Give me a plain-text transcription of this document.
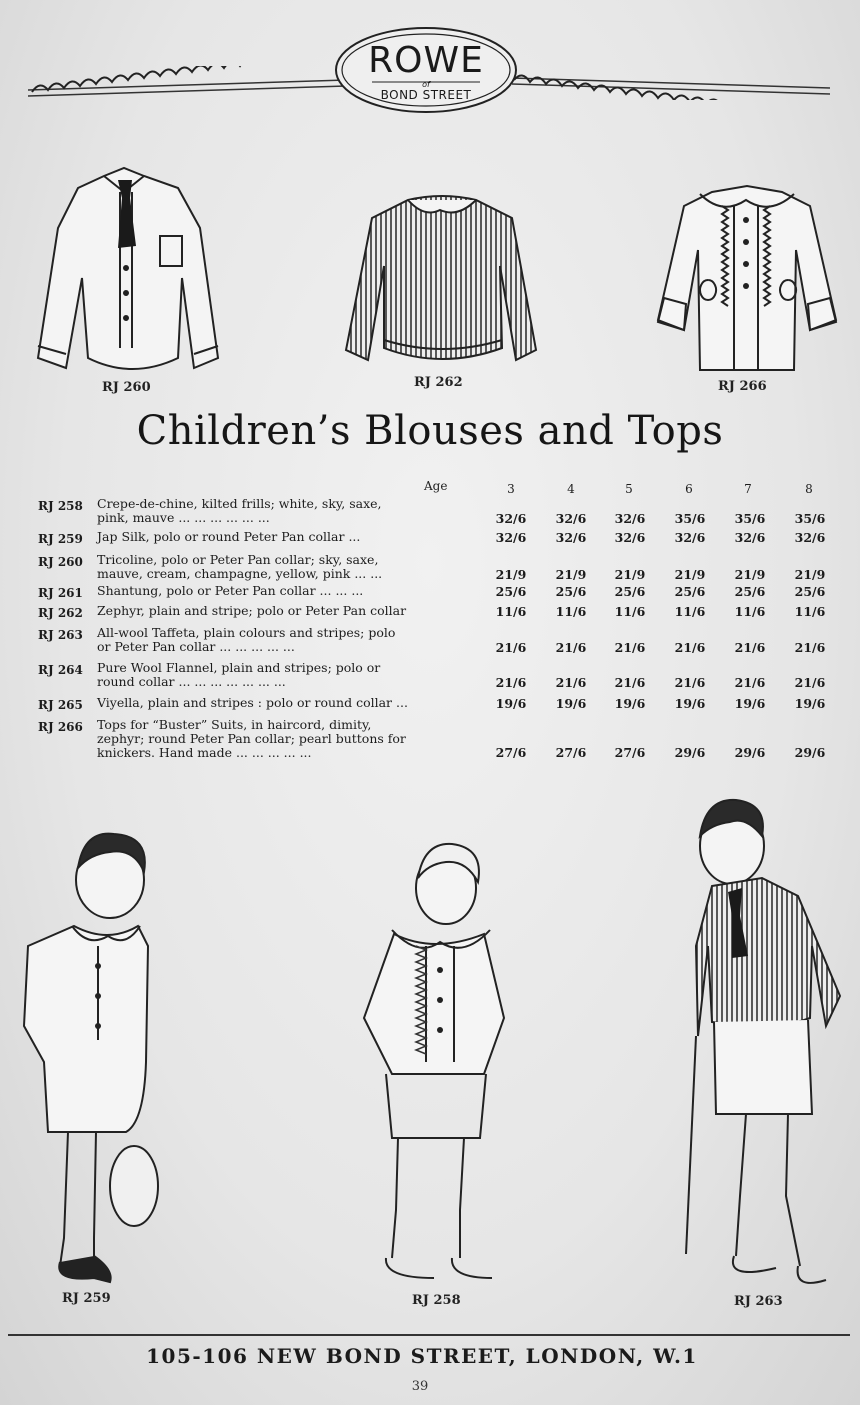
ROWE
of
BOND STREET
RJ 260	RJ 262	RJ 266
Children’s Blouses and Tops
Age	3	4	5	6	7	8
RJ 258 Crepe-de-chine, kilted frills; white, sky, saxe,
pink, mauve ... ... ... ... ... ...	32/6	32/6	32/6	35/6	35/6	35/6
RJ 259 Jap Silk, polo or round Peter Pan collar ...	32/6	32/6	32/6	32/6	32/6	32/6
RJ 260 Tricoline, polo or Peter Pan collar; sky, saxe,
mauve, cream, champagne, yellow, pink ... ...	21/9	21/9	21/9	21/9	21/9	21/9
RJ 261 Shantung, polo or Peter Pan collar ... ... ...	25/6	25/6	25/6	25/6	25/6	25/6
RJ 262 Zephyr, plain and stripe; polo or Peter Pan collar	11/6	11/6	11/6	11/6	11/6	11/6
RJ 263 All-wool Taffeta, plain colours and stripes; polo
or Peter Pan collar ... ... ... ... ...	21/6	21/6	21/6	21/6	21/6	21/6
RJ 264 Pure Wool Flannel, plain and stripes; polo or
round collar ... ... ... ... ... ... ...	21/6	21/6	21/6	21/6	21/6	21/6
RJ 265 Viyella, plain and stripes : polo or round collar ...	19/6	19/6	19/6	19/6	19/6	19/6
RJ 266 Tops for “Buster” Suits, in haircord, dimity,
zephyr; round Peter Pan collar; pearl buttons for
knickers. Hand made ... ... ... ... ...	27/6	27/6	27/6	29/6	29/6	29/6
RJ 259	RJ 258	RJ 263
105-106 NEW BOND STREET, LONDON, W.1
39
